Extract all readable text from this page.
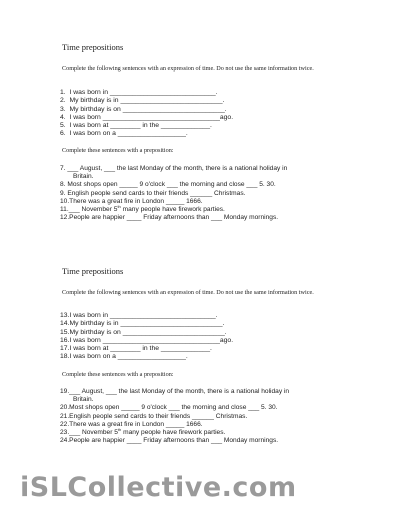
Time prepositions
Complete the following sentences with an expression of time. Do not use the same information twice.
1.  I was born in ____________________________.
2.  My birthday is in ___________________________.
3.  My birthday is on ___________________________.
4.  I was born _______________________________ago.
5.  I was born at ________ in the _____________.
6.  I was born on a __________________.
Complete these sentences with a preposition:
7. ___ August, ___ the last Monday of the month, there is a national holiday in
Britain.
8. Most shops open _____ 9 o'clock ___ the morning and close ___ 5. 30.
9. English people send cards to their friends ______ Christmas.
10.There was a great fire in London _____ 1666.
11.___ November 5th many people have firework parties.
12.People are happier ____ Friday afternoons than ___ Monday mornings.
Time prepositions
Complete the following sentences with an expression of time. Do not use the same information twice.
13.I was born in ____________________________.
14.My birthday is in ___________________________.
15.My birthday is on ___________________________.
16.I was born _______________________________ago.
17.I was born at ________ in the _____________.
18.I was born on a __________________.
Complete these sentences with a preposition:
19.___ August, ___ the last Monday of the month, there is a national holiday in
Britain.
20.Most shops open _____ 9 o'clock ___ the morning and close ___ 5. 30.
21.English people send cards to their friends ______ Christmas.
22.There was a great fire in London _____ 1666.
23.___ November 5th many people have firework parties.
24.People are happier ____ Friday afternoons than ___ Monday mornings.
iSLCollective.com
